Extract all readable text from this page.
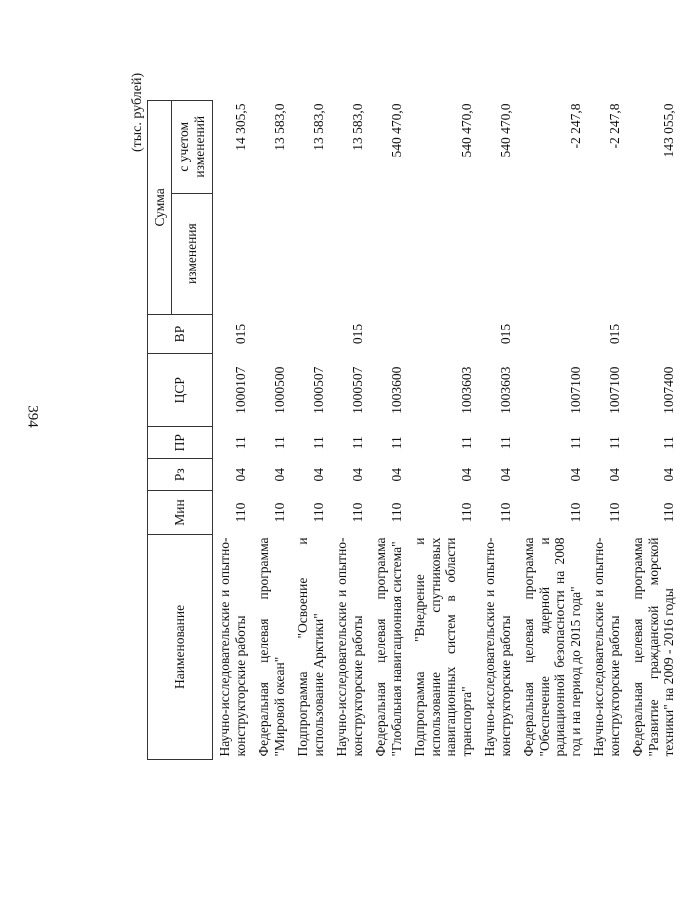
(тыс. рублей)
Наименование	Мин	Рз	ПР	ЦСР	ВР	Сумма	
						изменения	с учетом изменений
Научно-исследовательские и опытно-конструкторские работы	110	04	11	1000107	015		14 305,5
Федеральная целевая программа "Мировой океан"	110	04	11	1000500			13 583,0
Подпрограмма "Освоение и использование Арктики"	110	04	11	1000507			13 583,0
Научно-исследовательские и опытно-конструкторские работы	110	04	11	1000507	015		13 583,0
Федеральная целевая программа "Глобальная навигационная система"	110	04	11	1003600			540 470,0
Подпрограмма "Внедрение и использование спутниковых навигационных систем в области транспорта"	110	04	11	1003603			540 470,0
Научно-исследовательские и опытно-конструкторские работы	110	04	11	1003603	015		540 470,0
Федеральная целевая программа "Обеспечение ядерной и радиационной безопасности на 2008 год и на период до 2015 года"	110	04	11	1007100			-2 247,8
Научно-исследовательские и опытно-конструкторские работы	110	04	11	1007100	015		-2 247,8
Федеральная целевая программа "Развитие гражданской морской техники" на 2009 - 2016 годы	110	04	11	1007400			143 055,0
394
